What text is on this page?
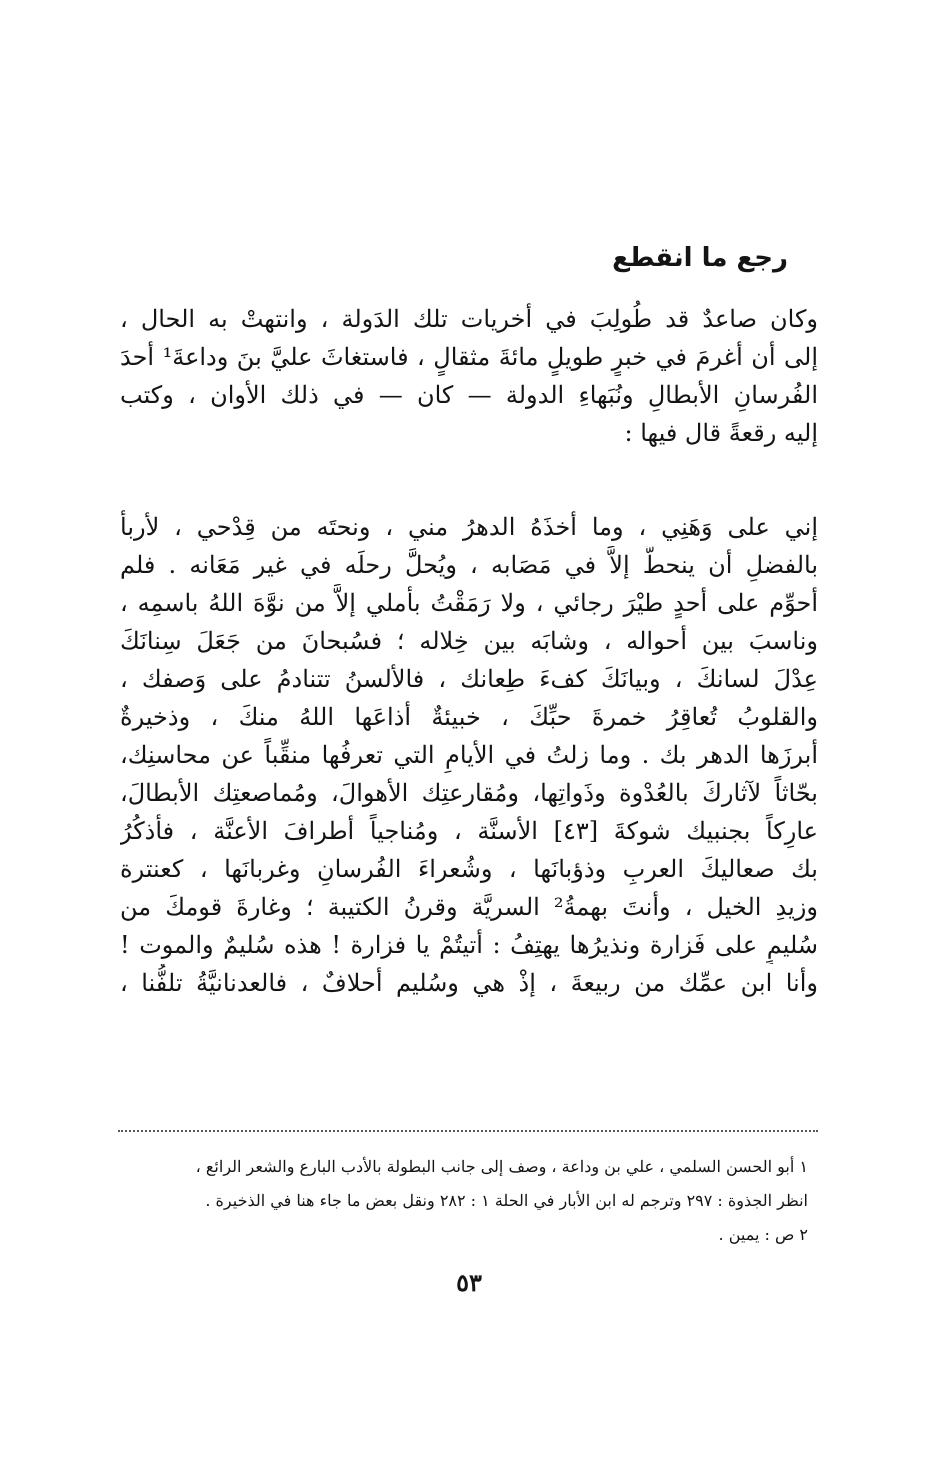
رجع ما انقطع
وكان صاعدٌ قد طُولِبَ في أخريات تلك الدَولة ، وانتهتْ به الحال ،
إلى أن أغرمَ في خبرٍ طويلٍ مائةَ مثقالٍ ، فاستغاثَ عليَّ بنَ وداعةَ¹ أحدَ
الفُرسانِ الأبطالِ ونُبَهاءِ الدولة — كان — في ذلك الأوان ، وكتب
إليه رقعةً قال فيها :
إني على وَهَنِي ، وما أخذَهُ الدهرُ مني ، ونحتَه من قِدْحي ، لأربأ
بالفضلِ أن ينحطَّ إلاَّ في مَصَابه ، ويُحلَّ رحلَه في غير مَعَانه . فلم
أحوِّم على أحدٍ طيْرَ رجائي ، ولا رَمَقْتُ بأملي إلاَّ من نوَّهَ اللهُ باسمِه ،
وناسبَ بين أحواله ، وشابَه بين خِلاله ؛ فسُبحانَ من جَعَلَ سِنانَكَ
عِدْلَ لسانكَ ، وبيانَكَ كفءَ طِعانك ، فالألسنُ تتنادمُ على وَصفك ،
والقلوبُ تُعاقِرُ خمرةَ حبِّكَ ، خبيئةٌ أذاعَها اللهُ منكَ ، وذخيرةٌ
أبرزَها الدهر بك . وما زلتُ في الأيامِ التي تعرفُها منقِّباً عن محاسنِك،
بحّاثاً لآثاركَ بالعُدْوة وذَواتِها، ومُقارعتِك الأهوالَ، ومُماصعتِك الأبطالَ،
عارِكاً بجنبيك شوكةَ [٤٣] الأسنَّة ، ومُناجياً أطرافَ الأعنَّة ، فأذكُرُ
بك صعاليكَ العربِ وذؤبانَها ، وشُعراءَ الفُرسانِ وغربانَها ، كعنترة
وزيدِ الخيل ، وأنتَ بهمةُ² السريَّة وقرنُ الكتيبة ؛ وغارةَ قومكَ من
سُليمٍ على فَزارة ونذيرُها يهتِفُ : أتيتُمْ يا فزارة ! هذه سُليمٌ والموت !
وأنا ابن عمِّك من ربيعةَ ، إذْ هي وسُليم أحلافٌ ، فالعدنانيَّةُ تلفُّنا ،
١ أبو الحسن السلمي ، علي بن وداعة ، وصف إلى جانب البطولة بالأدب البارع والشعر الرائع ،
انظر الجذوة : ٢٩٧ وترجم له ابن الأبار في الحلة ١ : ٢٨٢ ونقل بعض ما جاء هنا في الذخيرة .
٢ ص : يمين .
٥٣
